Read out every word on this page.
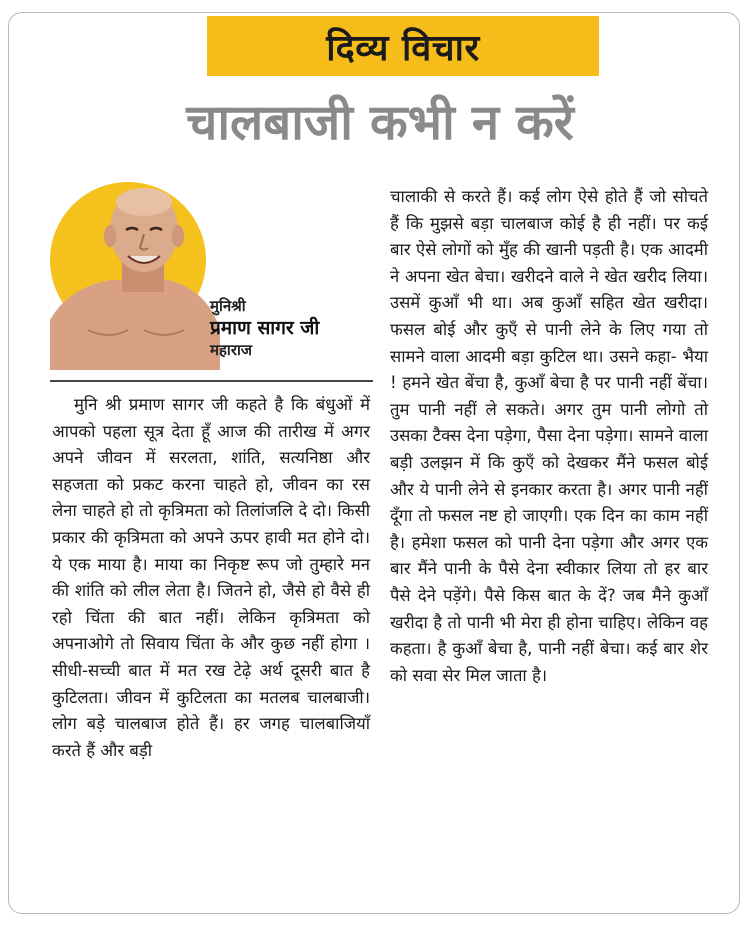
दिव्य विचार
चालबाजी कभी न करें
मुनिश्री
प्रमाण सागर जी
महाराज
मुनि श्री प्रमाण सागर जी कहते है कि बंधुओं में आपको पहला सूत्र देता हूँ आज की तारीख में अगर अपने जीवन में सरलता, शांति, सत्यनिष्ठा और सहजता को प्रकट करना चाहते हो, जीवन का रस लेना चाहते हो तो कृत्रिमता को तिलांजलि दे दो। किसी प्रकार की कृत्रिमता को अपने ऊपर हावी मत होने दो। ये एक माया है। माया का निकृष्ट रूप जो तुम्हारे मन की शांति को लील लेता है। जितने हो, जैसे हो वैसे ही रहो चिंता की बात नहीं। लेकिन कृत्रिमता को अपनाओगे तो सिवाय चिंता के और कुछ नहीं होगा । सीधी-सच्ची बात में मत रख टेढ़े अर्थ दूसरी बात है कुटिलता। जीवन में कुटिलता का मतलब चालबाजी। लोग बड़े चालबाज होते हैं। हर जगह चालबाजियाँ करते हैं और बड़ी
चालाकी से करते हैं। कई लोग ऐसे होते हैं जो सोचते हैं कि मुझसे बड़ा चालबाज कोई है ही नहीं। पर कई बार ऐसे लोगों को मुँह की खानी पड़ती है। एक आदमी ने अपना खेत बेचा। खरीदने वाले ने खेत खरीद लिया। उसमें कुआँ भी था। अब कुआँ सहित खेत खरीदा। फसल बोई और कुएँ से पानी लेने के लिए गया तो सामने वाला आदमी बड़ा कुटिल था। उसने कहा- भैया ! हमने खेत बेंचा है, कुआँ बेचा है पर पानी नहीं बेंचा। तुम पानी नहीं ले सकते। अगर तुम पानी लोगो तो उसका टैक्स देना पड़ेगा, पैसा देना पड़ेगा। सामने वाला बड़ी उलझन में कि कुएँ को देखकर मैंने फसल बोई और ये पानी लेने से इनकार करता है। अगर पानी नहीं दूँगा तो फसल नष्ट हो जाएगी। एक दिन का काम नहीं है। हमेशा फसल को पानी देना पड़ेगा और अगर एक बार मैंने पानी के पैसे देना स्वीकार लिया तो हर बार पैसे देने पड़ेंगे। पैसे किस बात के दें? जब मैने कुआँ खरीदा है तो पानी भी मेरा ही होना चाहिए। लेकिन वह कहता। है कुआँ बेचा है, पानी नहीं बेचा। कई बार शेर को सवा सेर मिल जाता है।
